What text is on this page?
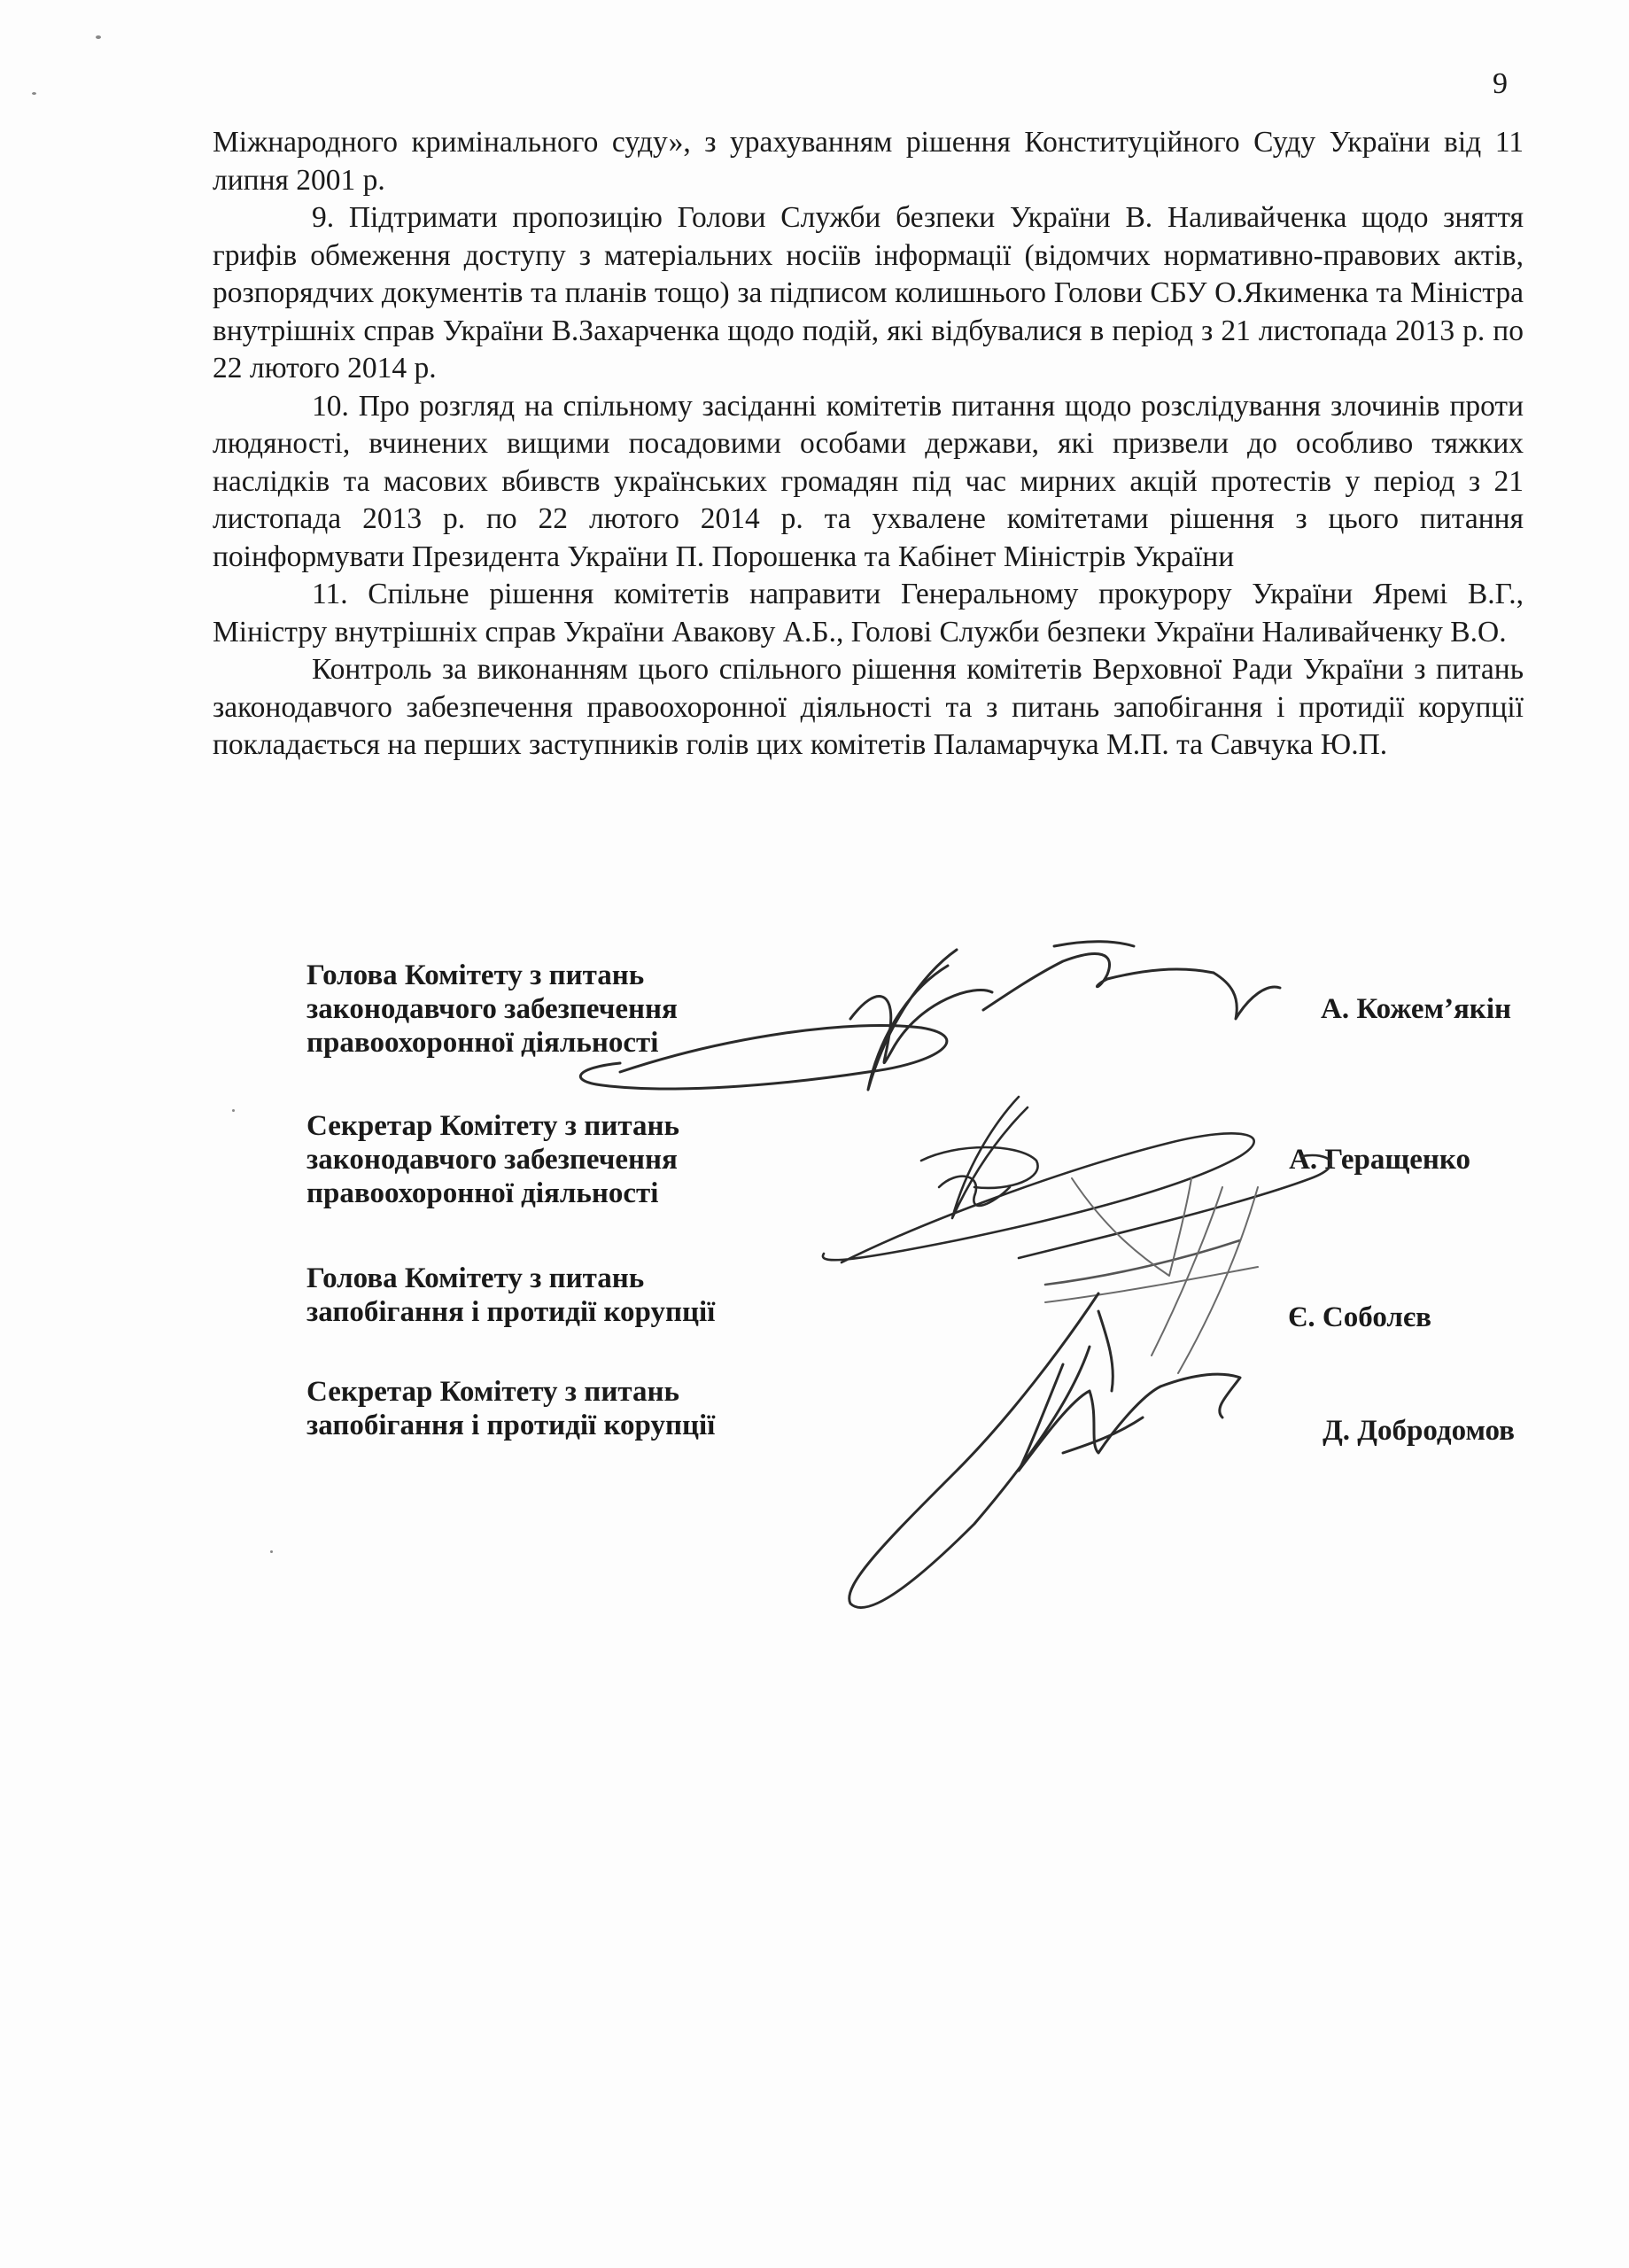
9

Міжнародного кримінального суду», з урахуванням рішення Конституційного Суду України від 11 липня 2001 р.

9. Підтримати пропозицію Голови Служби безпеки України В. Наливайченка щодо зняття грифів обмеження доступу з матеріальних носіїв інформації (відомчих нормативно-правових актів, розпорядчих документів та планів тощо) за підписом колишнього Голови СБУ О.Якименка та Міністра внутрішніх справ України В.Захарченка щодо подій, які відбувалися в період з 21 листопада 2013 р. по 22 лютого 2014 р.

10. Про розгляд на спільному засіданні комітетів питання щодо розслідування злочинів проти людяності, вчинених вищими посадовими особами держави, які призвели до особливо тяжких наслідків та масових вбивств українських громадян під час мирних акцій протестів у період з 21 листопада 2013 р. по 22 лютого 2014 р. та ухвалене комітетами рішення з цього питання поінформувати Президента України П. Порошенка та Кабінет Міністрів України

11. Спільне рішення комітетів направити Генеральному прокурору України Яремі В.Г., Міністру внутрішніх справ України Авакову А.Б., Голові Служби безпеки України Наливайченку В.О.

Контроль за виконанням цього спільного рішення комітетів Верховної Ради України з питань законодавчого забезпечення правоохоронної діяльності та з питань запобігання і протидії корупції покладається на перших заступників голів цих комітетів Паламарчука М.П. та Савчука Ю.П.

Голова Комітету з питань
законодавчого забезпечення
правоохоронної діяльності
А. Кожем’якін
Секретар Комітету з питань
законодавчого забезпечення
правоохоронної діяльності
А. Геращенко
Голова Комітету з питань
запобігання і протидії корупції	Є. Соболєв
Секретар Комітету з питань
запобігання і протидії корупції	Д. Добродомов
